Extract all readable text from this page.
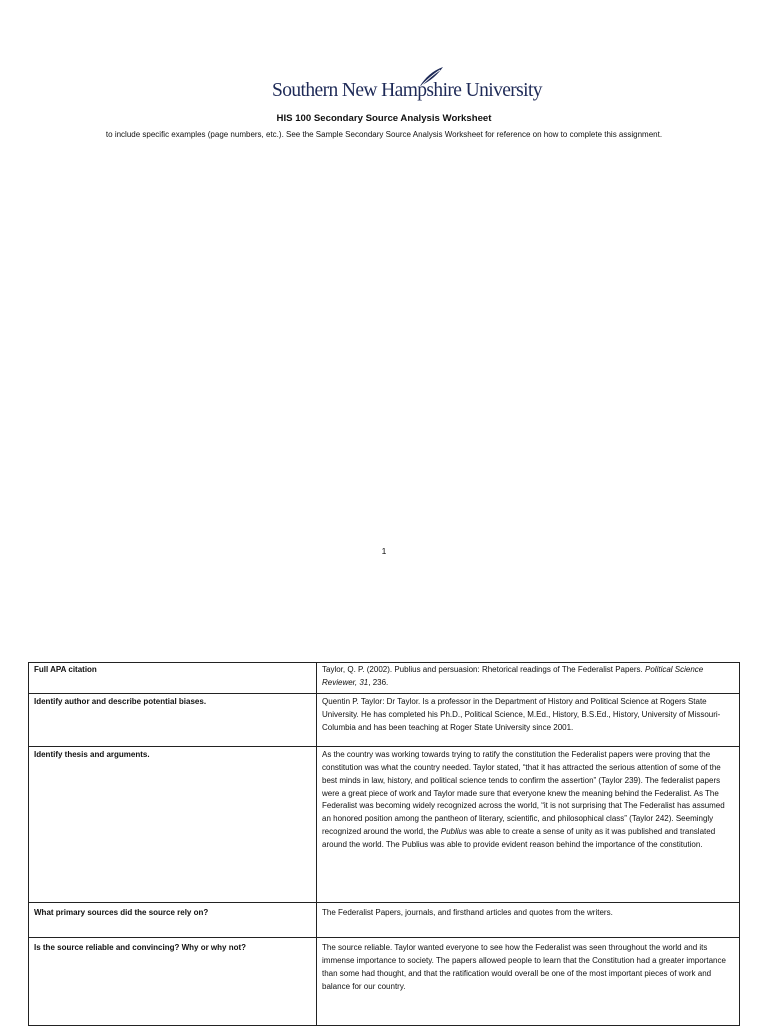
Southern New Hampshire University
HIS 100 Secondary Source Analysis Worksheet
to include specific examples (page numbers, etc.). See the Sample Secondary Source Analysis Worksheet for reference on how to complete this assignment.
1
Full APA citation	Taylor, Q. P. (2002). Publius and persuasion: Rhetorical readings of The Federalist Papers. Political Science Reviewer, 31, 236.
Identify author and describe potential biases.	Quentin P. Taylor: Dr Taylor. Is a professor in the Department of History and Political Science at Rogers State University. He has completed his Ph.D., Political Science, M.Ed., History, B.S.Ed., History, University of Missouri- Columbia and has been teaching at Roger State University since 2001.
Identify thesis and arguments.	As the country was working towards trying to ratify the constitution the Federalist papers were proving that the constitution was what the country needed. Taylor stated, “that it has attracted the serious attention of some of the best minds in law, history, and political science tends to confirm the assertion” (Taylor 239). The federalist papers were a great piece of work and Taylor made sure that everyone knew the meaning behind the Federalist. As The Federalist was becoming widely recognized across the world, “it is not surprising that The Federalist has assumed an honored position among the pantheon of literary, scientific, and philosophical class” (Taylor 242). Seemingly recognized around the world, the Publius was able to create a sense of unity as it was published and translated around the world. The Publius was able to provide evident reason behind the importance of the constitution.
What primary sources did the source rely on?	The Federalist Papers, journals, and firsthand articles and quotes from the writers.
Is the source reliable and convincing? Why or why not?	The source reliable. Taylor wanted everyone to see how the Federalist was seen throughout the world and its immense importance to society. The papers allowed people to learn that the Constitution had a greater importance than some had thought, and that the ratification would overall be one of the most important pieces of work and balance for our country.
